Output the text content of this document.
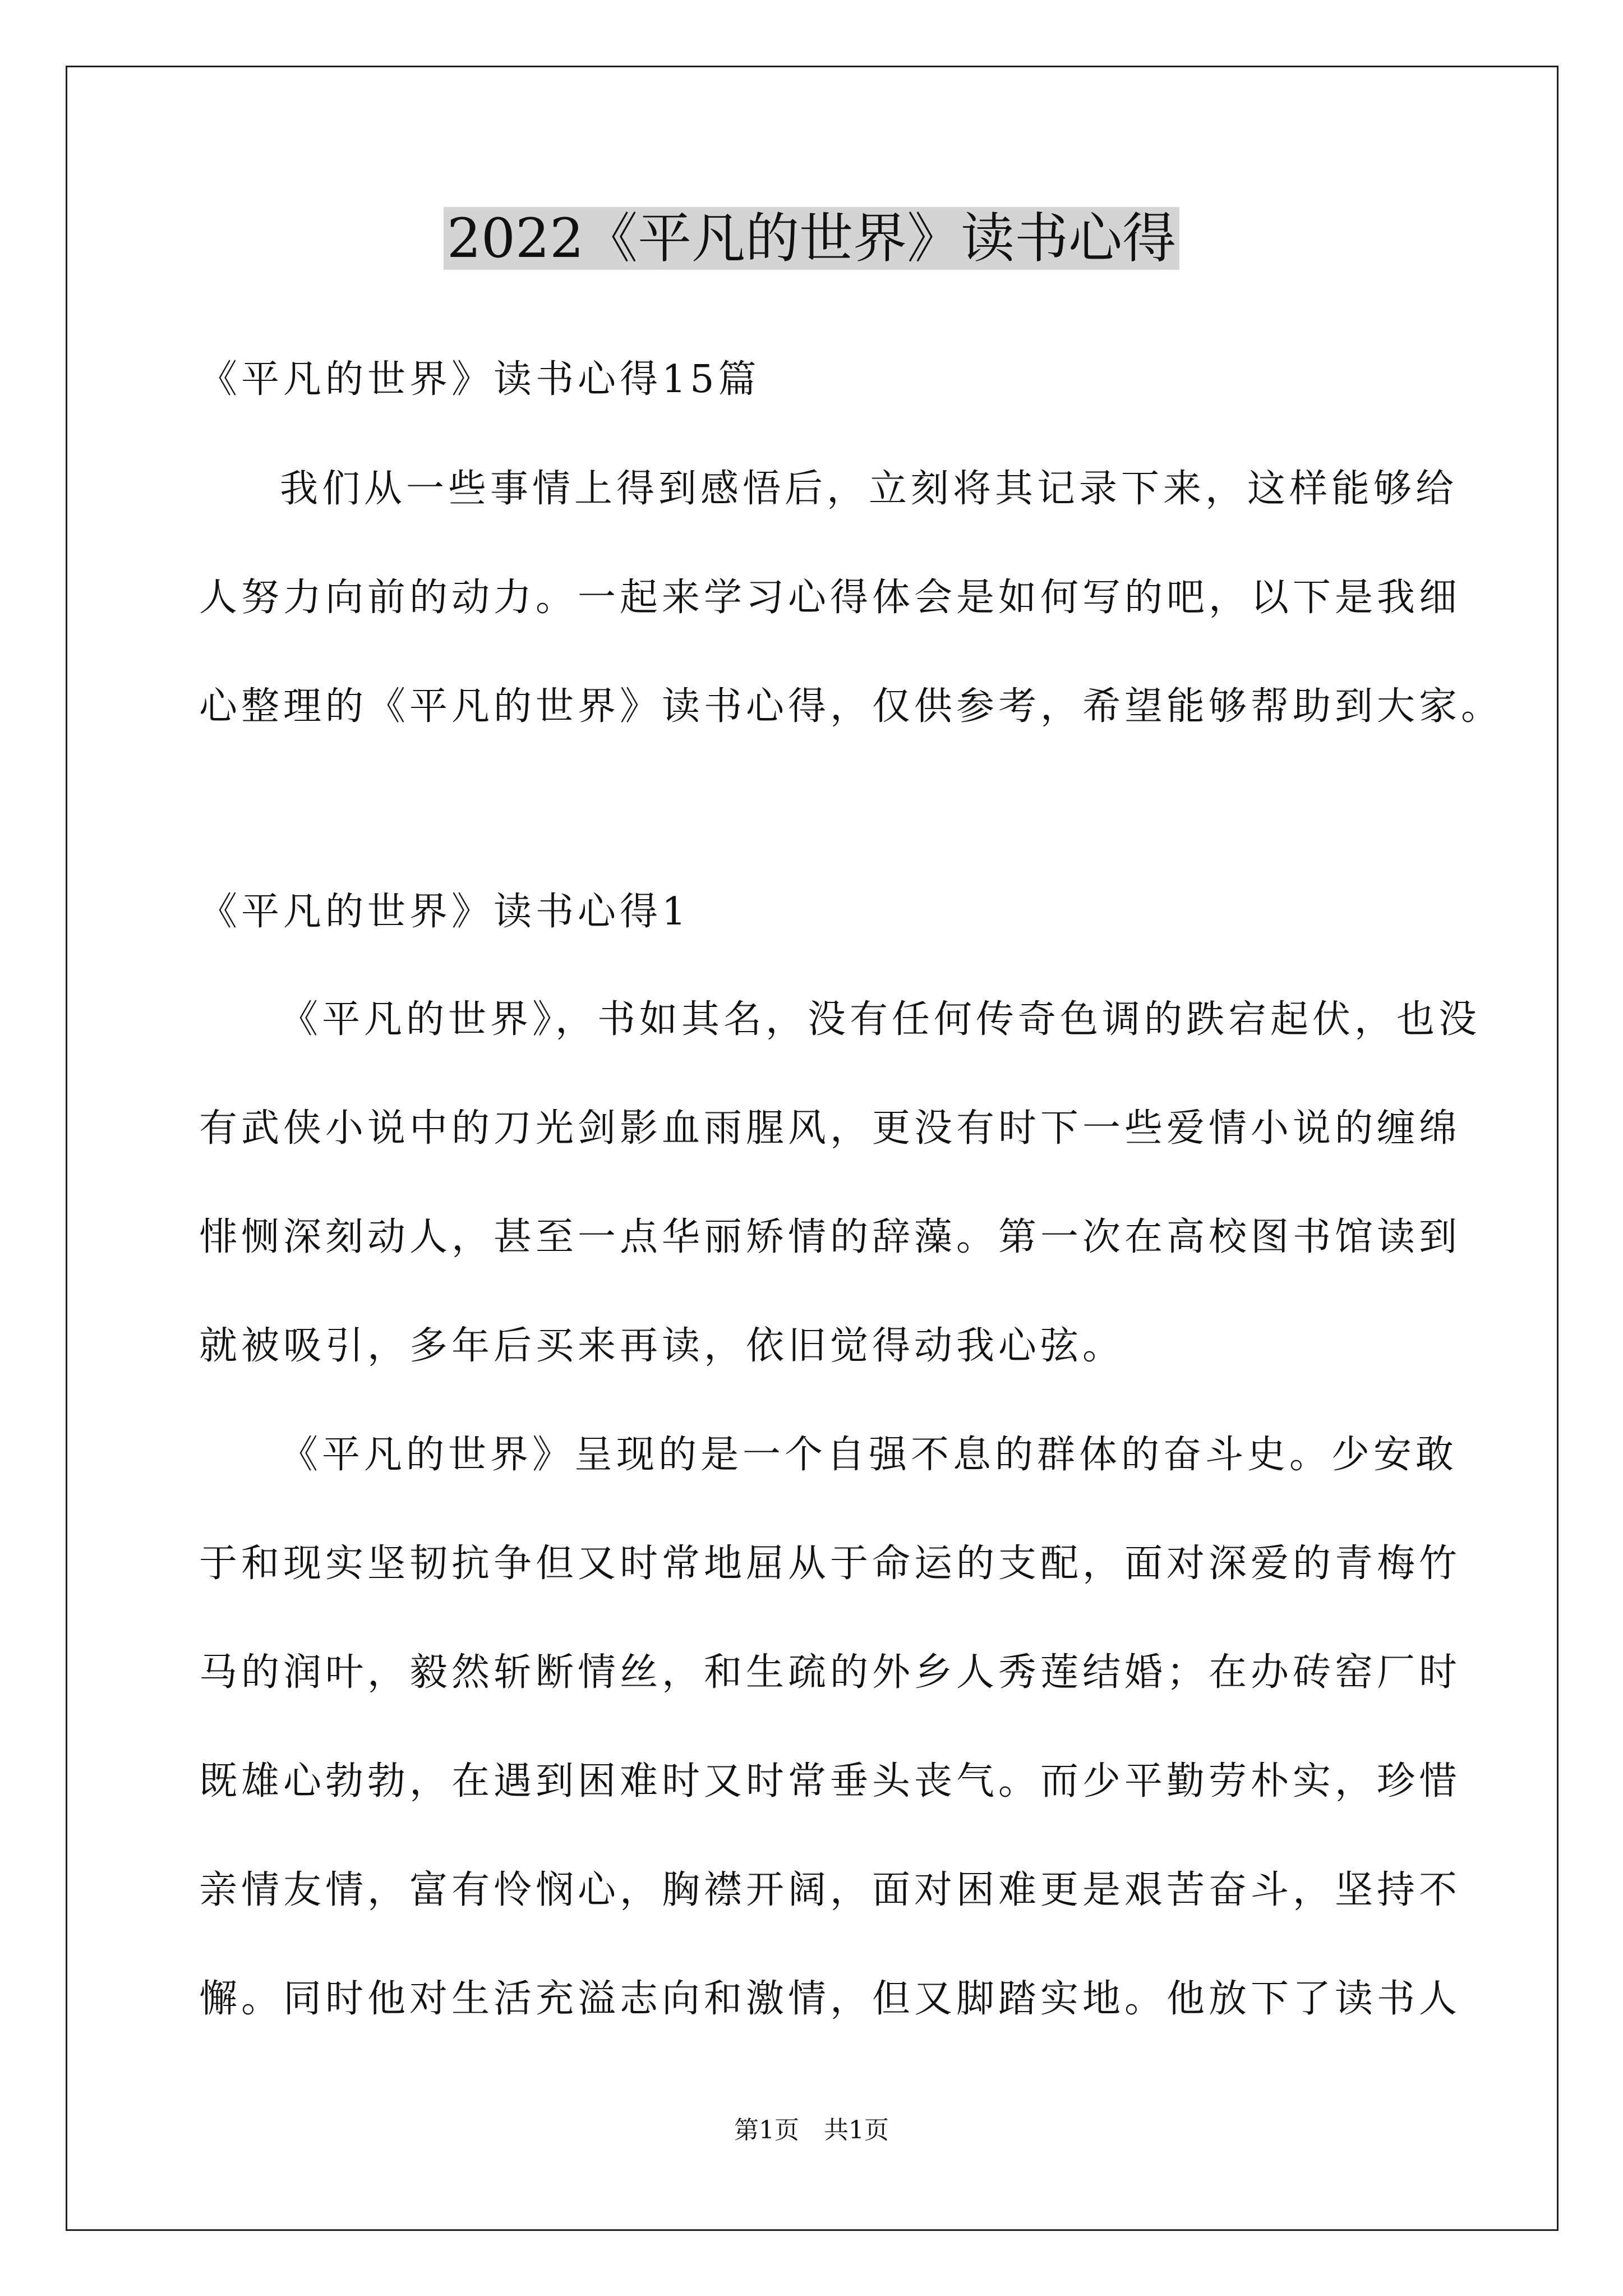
2022《平凡的世界》读书心得

《平凡的世界》读书心得15篇

我们从一些事情上得到感悟后，立刻将其记录下来，这样能够给

人努力向前的动力。一起来学习心得体会是如何写的吧，以下是我细

心整理的《平凡的世界》读书心得，仅供参考，希望能够帮助到大家。

《平凡的世界》读书心得1

《平凡的世界》，书如其名，没有任何传奇色调的跌宕起伏，也没

有武侠小说中的刀光剑影血雨腥风，更没有时下一些爱情小说的缠绵

悱恻深刻动人，甚至一点华丽矫情的辞藻。第一次在高校图书馆读到

就被吸引，多年后买来再读，依旧觉得动我心弦。

《平凡的世界》呈现的是一个自强不息的群体的奋斗史。少安敢

于和现实坚韧抗争但又时常地屈从于命运的支配，面对深爱的青梅竹

马的润叶，毅然斩断情丝，和生疏的外乡人秀莲结婚；在办砖窑厂时

既雄心勃勃，在遇到困难时又时常垂头丧气。而少平勤劳朴实，珍惜

亲情友情，富有怜悯心，胸襟开阔，面对困难更是艰苦奋斗，坚持不

懈。同时他对生活充溢志向和激情，但又脚踏实地。他放下了读书人

第1页　共1页
